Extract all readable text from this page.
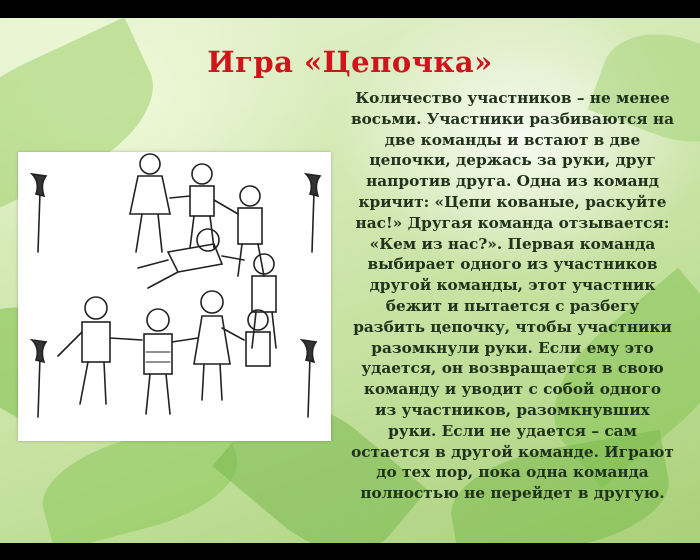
Игра «Цепочка»
Количество участников – не менее
восьми. Участники разбиваются на
две команды и встают в две
цепочки, держась за руки, друг
напротив друга. Одна из команд
кричит: «Цепи кованые, раскуйте
нас!» Другая команда отзывается:
«Кем из нас?». Первая команда
выбирает одного из участников
другой команды, этот участник
бежит и пытается с разбегу
разбить цепочку, чтобы участники
разомкнули руки. Если ему это
удается, он возвращается в свою
команду и уводит с собой одного
из участников, разомкнувших
руки. Если не удается – сам
остается в другой команде. Играют
до тех пор, пока одна команда
полностью не перейдет в другую.
